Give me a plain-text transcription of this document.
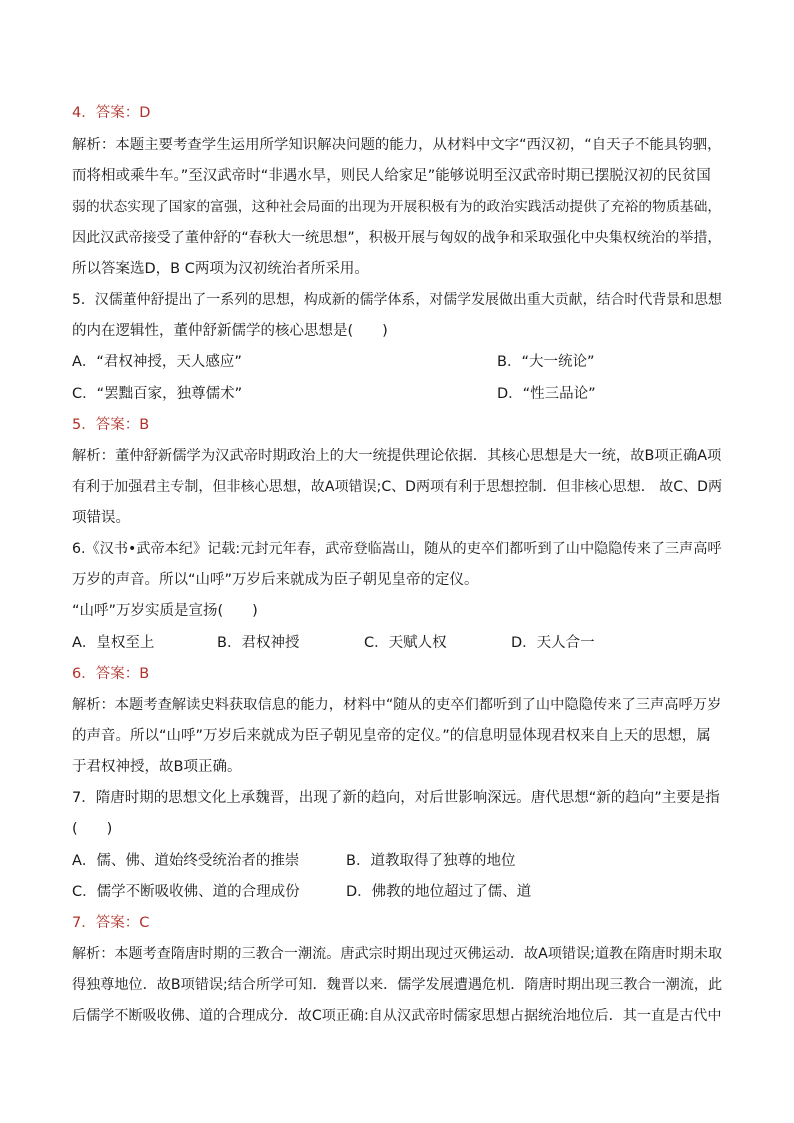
4．答案：D
解析：本题主要考查学生运用所学知识解决问题的能力，从材料中文字“西汉初，“自天子不能具钧驷，
而将相或乘牛车。”至汉武帝时“非遇水旱，则民人给家足”能够说明至汉武帝时期已摆脱汉初的民贫国
弱的状态实现了国家的富强，这种社会局面的出现为开展积极有为的政治实践活动提供了充裕的物质基础，
因此汉武帝接受了董仲舒的“春秋大一统思想”，积极开展与匈奴的战争和采取强化中央集权统治的举措，
所以答案选D，B C两项为汉初统治者所采用。
5．汉儒董仲舒提出了一系列的思想，构成新的儒学体系，对儒学发展做出重大贡献，结合时代背景和思想
的内在逻辑性，董仲舒新儒学的核心思想是(　　)
A．“君权神授，天人感应”	B．“大一统论”
C．“罢黜百家，独尊儒术”	D．“性三品论”
5．答案：B
解析：董仲舒新儒学为汉武帝时期政治上的大一统提供理论依据．其核心思想是大一统，故B项正确A项
有利于加强君主专制，但非核心思想，故A项错误;C、D两项有利于思想控制．但非核心思想． 故C、D两
项错误。
6.《汉书•武帝本纪》记载:元封元年春，武帝登临嵩山，随从的吏卒们都听到了山中隐隐传来了三声高呼
万岁的声音。所以“山呼”万岁后来就成为臣子朝见皇帝的定仪。
“山呼”万岁实质是宣扬(　　)
A．皇权至上	B．君权神授	C．天赋人权	D．天人合一
6．答案：B
解析：本题考查解读史料获取信息的能力，材料中“随从的吏卒们都听到了山中隐隐传来了三声高呼万岁
的声音。所以“山呼”万岁后来就成为臣子朝见皇帝的定仪。”的信息明显体现君权来自上天的思想，属
于君权神授，故B项正确。
7．隋唐时期的思想文化上承魏晋，出现了新的趋向，对后世影响深远。唐代思想“新的趋向”主要是指
(　　)
A．儒、佛、道始终受统治者的推崇	B．道教取得了独尊的地位
C．儒学不断吸收佛、道的合理成份	D．佛教的地位超过了儒、道
7．答案：C
解析：本题考查隋唐时期的三教合一潮流。唐武宗时期出现过灭佛运动．故A项错误;道教在隋唐时期未取
得独尊地位．故B项错误;结合所学可知．魏晋以来．儒学发展遭遇危机．隋唐时期出现三教合一潮流，此
后儒学不断吸收佛、道的合理成分．故C项正确:自从汉武帝时儒家思想占据统治地位后．其一直是古代中
